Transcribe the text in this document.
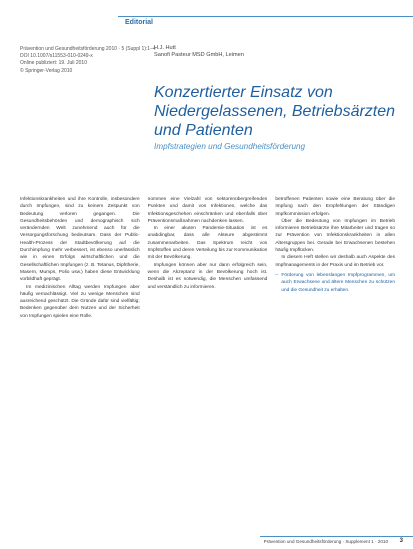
Editorial
Prävention und Gesundheitsförderung 2010 · 5 (Suppl 1):1–4
DOI 10.1007/s11553-010-0249-x
Online publiziert: 19. Juli 2010
© Springer-Verlag 2010
H.J. Hutt
Sanofi Pasteur MSD GmbH, Leimen
Konzertierter Einsatz von Niedergelassenen, Betriebsärzten und Patienten
Impfstrategien und Gesundheitsförderung

Infektionskrankheiten und ihre Kontrolle, insbesondere durch Impfungen, sind zu keinem Zeitpunkt von Bedeutung verloren gegangen. Die Gesundheitsbehörden und demographisch sich verändernden Welt zunehmend auch für die Versorgungsforschung bedeutsam. Dass der Public-Health-Prozess der Stadtbevölkerung auf die Durchimpfung mehr verbessert, ist ebenso unerlässlich wie in einen Erfolgs wirtschaftlichen und die Gesellschaftlichen Impfungen (z. B. Tetanus, Diphtherie, Masern, Mumps, Polio usw.) haben diese Entwicklung vorbildhaft geprägt.

Im medizinischen Alltag werden Impfungen aber häufig vernachlässigt. Viel zu wenige Menschen sind ausreichend geschützt. Die Gründe dafür sind vielfältig; Bedenken gegenüber dem Nutzen und der Sicherheit von Impfungen spielen eine Rolle.

nommen eine Vielzahl von sektorenübergreifenden Punkten und damit von Infektionen, welche das Infektionsgeschehen einschränken und ebenfalls über Präventionsmaßnahmen nachdenken lassen.

In einer akuten Pandemie-Situation ist es unabdingbar, dass alle Akteure abgestimmt zusammenarbeiten. Das Spektrum reicht von Impfstoffen und deren Verteilung bis zur Kommunikation mit der Bevölkerung.

Impfungen können aber nur dann erfolgreich sein, wenn die Akzeptanz in der Bevölkerung hoch ist. Deshalb ist es notwendig, die Menschen umfassend und verständlich zu informieren.

betroffenen Patienten sowie eine Beratung über die Impfung nach den Empfehlungen der Ständigen Impfkommission erfolgen.

Über die Bedeutung von Impfungen im Betrieb informieren Betriebsärzte ihre Mitarbeiter und tragen so zur Prävention von Infektionskrankheiten in allen Altersgruppen bei. Gerade bei Erwachsenen bestehen häufig Impflücken.

In diesem Heft stellen wir deshalb auch Aspekte des Impfmanagements in der Praxis und im Betrieb vor.

– Förderung von lebenslangen Impfprogrammen, um auch Erwachsene und ältere Menschen zu schützen und die Gesundheit zu erhalten.
Prävention und Gesundheitsförderung · Supplement 1 · 2010 3
